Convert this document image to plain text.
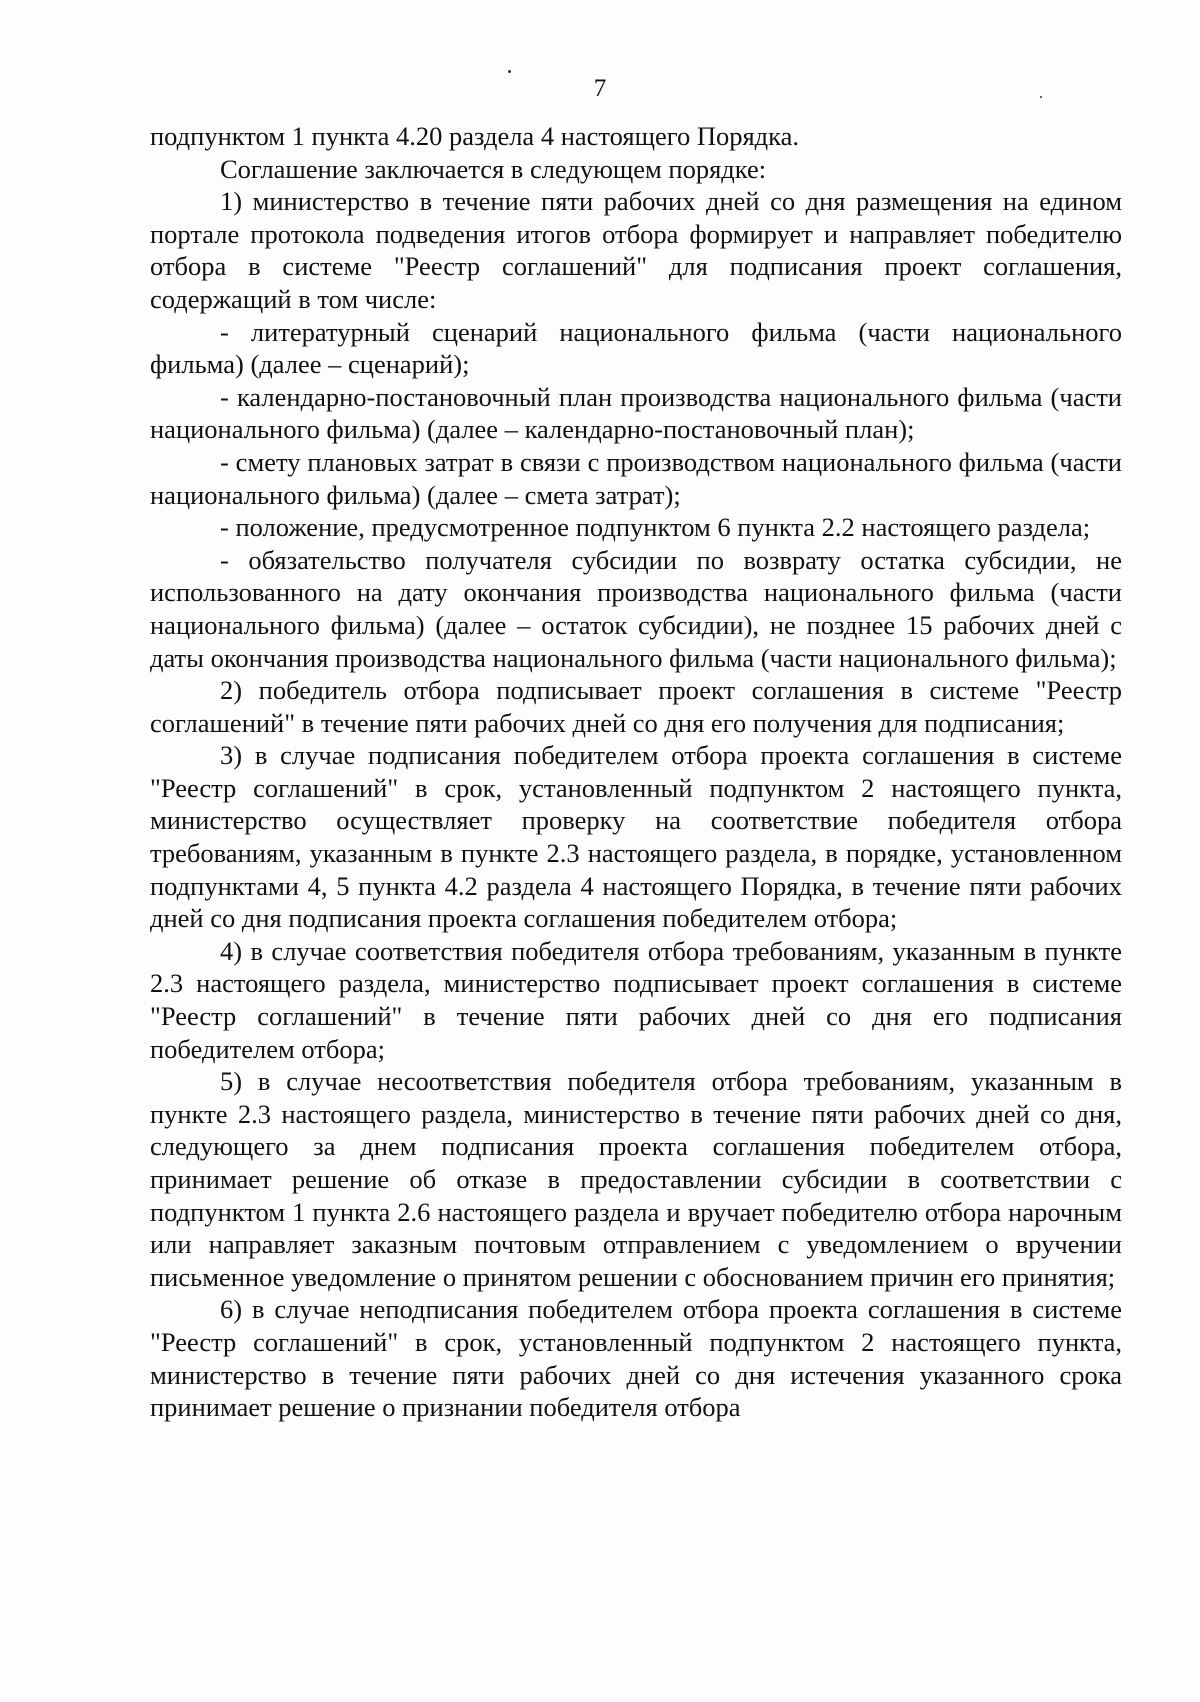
7

подпунктом 1 пункта 4.20 раздела 4 настоящего Порядка.

Соглашение заключается в следующем порядке:

1) министерство в течение пяти рабочих дней со дня размещения на едином портале протокола подведения итогов отбора формирует и направляет победителю отбора в системе "Реестр соглашений" для подписания проект соглашения, содержащий в том числе:

- литературный сценарий национального фильма (части национального фильма) (далее – сценарий);

- календарно-постановочный план производства национального фильма (части национального фильма) (далее – календарно-постановочный план);

- смету плановых затрат в связи с производством национального фильма (части национального фильма) (далее – смета затрат);

- положение, предусмотренное подпунктом 6 пункта 2.2 настоящего раздела;

- обязательство получателя субсидии по возврату остатка субсидии, не использованного на дату окончания производства национального фильма (части национального фильма) (далее – остаток субсидии), не позднее 15 рабочих дней с даты окончания производства национального фильма (части национального фильма);

2) победитель отбора подписывает проект соглашения в системе "Реестр соглашений" в течение пяти рабочих дней со дня его получения для подписания;

3) в случае подписания победителем отбора проекта соглашения в системе "Реестр соглашений" в срок, установленный подпунктом 2 настоящего пункта, министерство осуществляет проверку на соответствие победителя отбора требованиям, указанным в пункте 2.3 настоящего раздела, в порядке, установленном подпунктами 4, 5 пункта 4.2 раздела 4 настоящего Порядка, в течение пяти рабочих дней со дня подписания проекта соглашения победителем отбора;

4) в случае соответствия победителя отбора требованиям, указанным в пункте 2.3 настоящего раздела, министерство подписывает проект соглашения в системе "Реестр соглашений" в течение пяти рабочих дней со дня его подписания победителем отбора;

5) в случае несоответствия победителя отбора требованиям, указанным в пункте 2.3 настоящего раздела, министерство в течение пяти рабочих дней со дня, следующего за днем подписания проекта соглашения победителем отбора, принимает решение об отказе в предоставлении субсидии в соответствии с подпунктом 1 пункта 2.6 настоящего раздела и вручает победителю отбора нарочным или направляет заказным почтовым отправлением с уведомлением о вручении письменное уведомление о принятом решении с обоснованием причин его принятия;

6) в случае неподписания победителем отбора проекта соглашения в системе "Реестр соглашений" в срок, установленный подпунктом 2 настоящего пункта, министерство в течение пяти рабочих дней со дня истечения указанного срока принимает решение о признании победителя отбора
